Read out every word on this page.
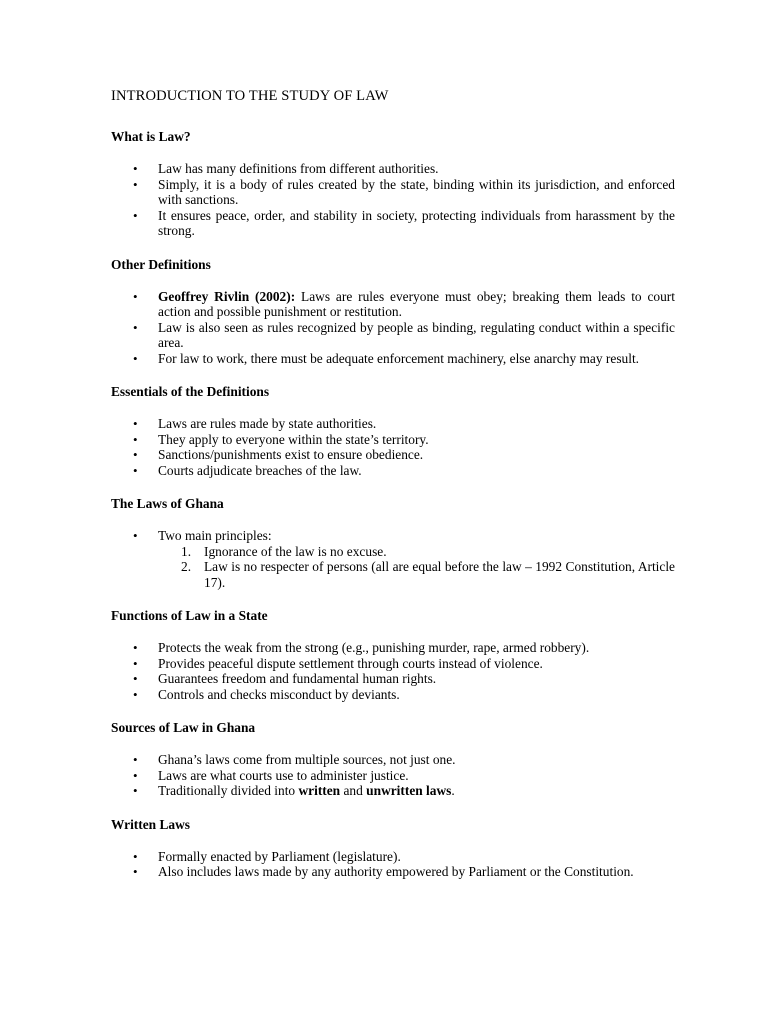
INTRODUCTION TO THE STUDY OF LAW
What is Law?
• Law has many definitions from different authorities.
• Simply, it is a body of rules created by the state, binding within its jurisdiction, and enforced with sanctions.
• It ensures peace, order, and stability in society, protecting individuals from harassment by the strong.
Other Definitions
• Geoffrey Rivlin (2002): Laws are rules everyone must obey; breaking them leads to court action and possible punishment or restitution.
• Law is also seen as rules recognized by people as binding, regulating conduct within a specific area.
• For law to work, there must be adequate enforcement machinery, else anarchy may result.
Essentials of the Definitions
• Laws are rules made by state authorities.
• They apply to everyone within the state’s territory.
• Sanctions/punishments exist to ensure obedience.
• Courts adjudicate breaches of the law.
The Laws of Ghana
• Two main principles:
1. Ignorance of the law is no excuse.
2. Law is no respecter of persons (all are equal before the law – 1992 Constitution, Article 17).
Functions of Law in a State
• Protects the weak from the strong (e.g., punishing murder, rape, armed robbery).
• Provides peaceful dispute settlement through courts instead of violence.
• Guarantees freedom and fundamental human rights.
• Controls and checks misconduct by deviants.
Sources of Law in Ghana
• Ghana’s laws come from multiple sources, not just one.
• Laws are what courts use to administer justice.
• Traditionally divided into written and unwritten laws.
Written Laws
• Formally enacted by Parliament (legislature).
• Also includes laws made by any authority empowered by Parliament or the Constitution.
